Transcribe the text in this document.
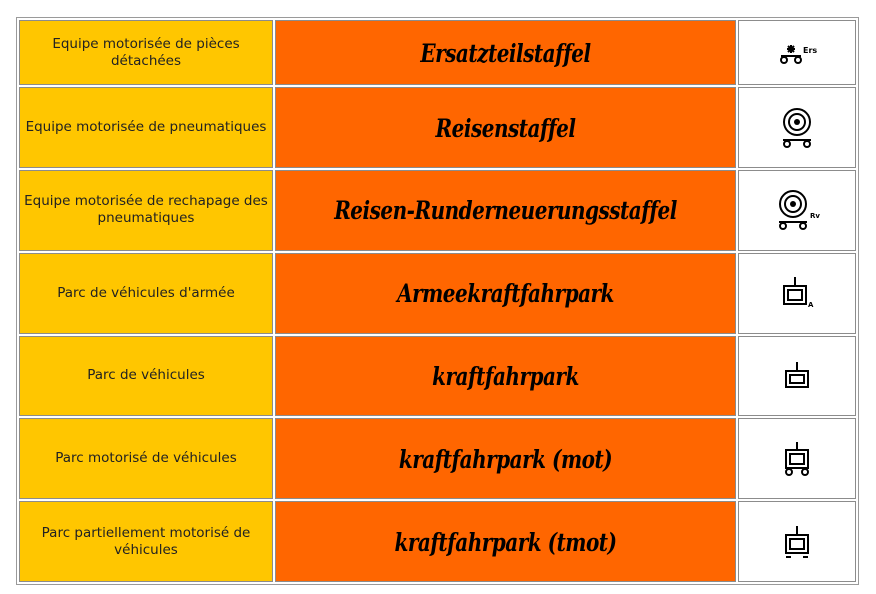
Equipe motorisée de pièces détachées	Ersatzteilstaffel	Ers

Equipe motorisée de pneumatiques	Reisenstaffel	

Equipe motorisée de rechapage des pneumatiques	Reisen-Runderneuerungsstaffel	Rv

Parc de véhicules d'armée	Armeekraftfahrpark	A

Parc de véhicules	kraftfahrpark	

Parc motorisé de véhicules	kraftfahrpark (mot)	

Parc partiellement motorisé de véhicules	kraftfahrpark (tmot)	
